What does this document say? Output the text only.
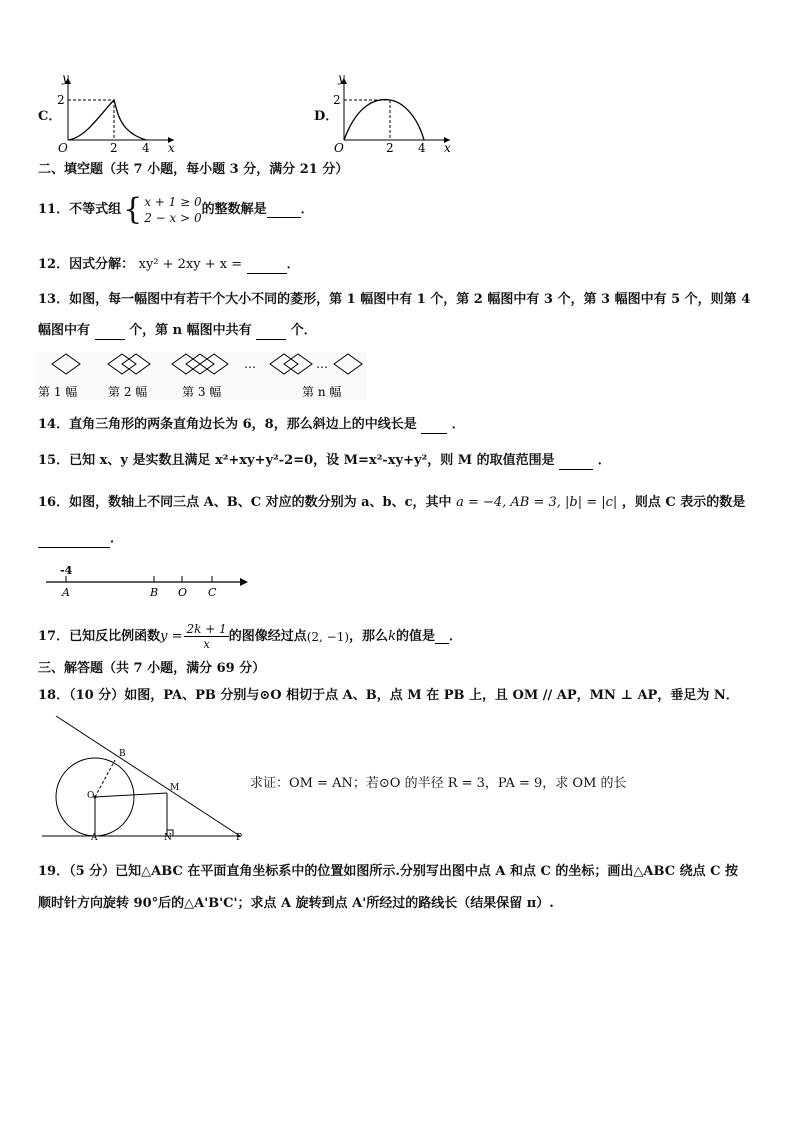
C．
y
2
O	2 4 x
D．
y
2
O	2 4 x
二、填空题（共 7 小题，每小题 3 分，满分 21 分）
11．不等式组 { x + 1 ≥ 0
2 − x > 0
的整数解是	．
12．因式分解： xy² + 2xy + x =	．
13．如图，每一幅图中有若干个大小不同的菱形，第 1 幅图中有 1 个，第 2 幅图中有 3 个，第 3 幅图中有 5 个，则第 4
幅图中有	个，第 n 幅图中共有	个．
…	…
第 1 幅	第 2 幅	第 3 幅	第 n 幅
14．直角三角形的两条直角边长为 6，8，那么斜边上的中线长是	．
15．已知 x、y 是实数且满足 x²+xy+y²-2=0，设 M=x²-xy+y²，则 M 的取值范围是	．
16．如图，数轴上不同三点 A、B、C 对应的数分别为 a、b、c，其中 a = −4, AB = 3, |b| = |c| ，则点 C 表示的数是
．
-4
A	B O C
17．已知反比例函数 $y = \frac{2k + 1}{x}$ 的图像经过点 (2, −1) ，那么 k 的值是 ．
三、解答题（共 7 小题，满分 69 分）
18．（10 分）如图，PA、PB 分别与⊙O 相切于点 A、B，点 M 在 PB 上，且 OM // AP，MN ⊥ AP，垂足为 N．
B
O
M
A	N	P
求证：OM = AN；若⊙O 的半径 R = 3，PA = 9，求 OM 的长
19．（5 分）已知△ABC 在平面直角坐标系中的位置如图所示.分别写出图中点 A 和点 C 的坐标；画出△ABC 绕点 C 按
顺时针方向旋转 90°后的△A'B'C'；求点 A 旋转到点 A'所经过的路线长（结果保留 π）.
